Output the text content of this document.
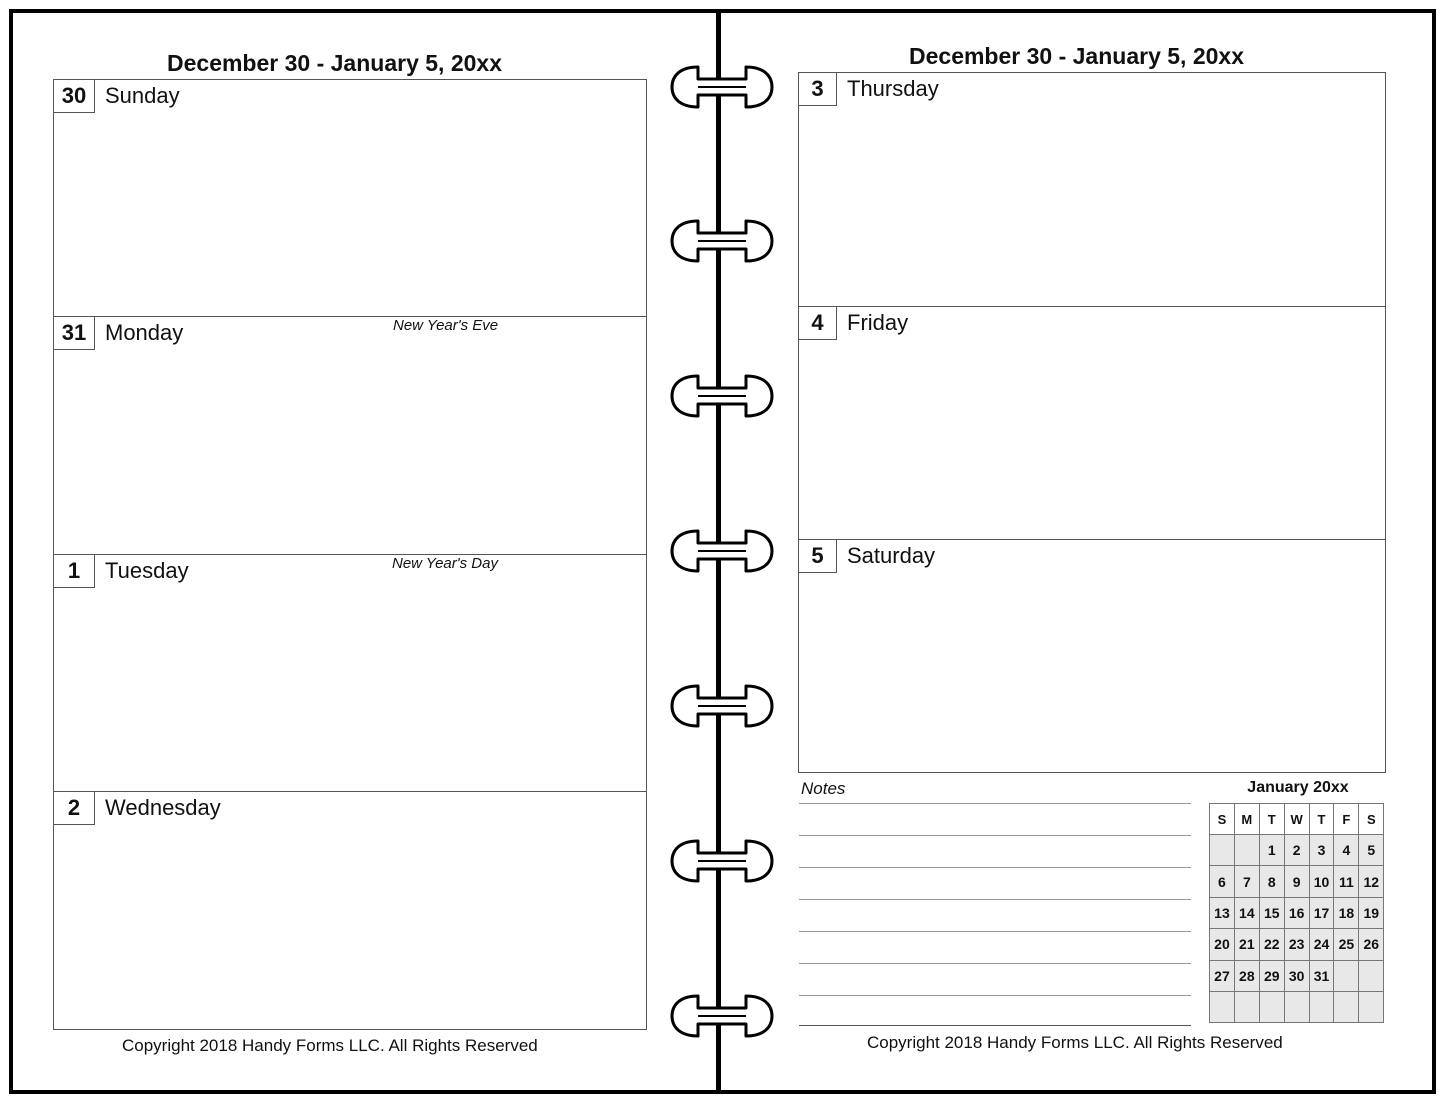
December 30 - January 5, 20xx
30 Sunday
31 Monday	New Year's Eve
1	Tuesday	New Year's Day
2	Wednesday
Copyright 2018 Handy Forms LLC. All Rights Reserved
December 30 - January 5, 20xx
3	Thursday
4	Friday
5	Saturday
Notes	January 20xx
S	M	T	W	T	F	S
		1	2	3	4	5
6	7	8	9	10	11	12
13	14	15	16	17	18	19
20	21	22	23	24	25	26
27	28	29	30	31		

Copyright 2018 Handy Forms LLC. All Rights Reserved
